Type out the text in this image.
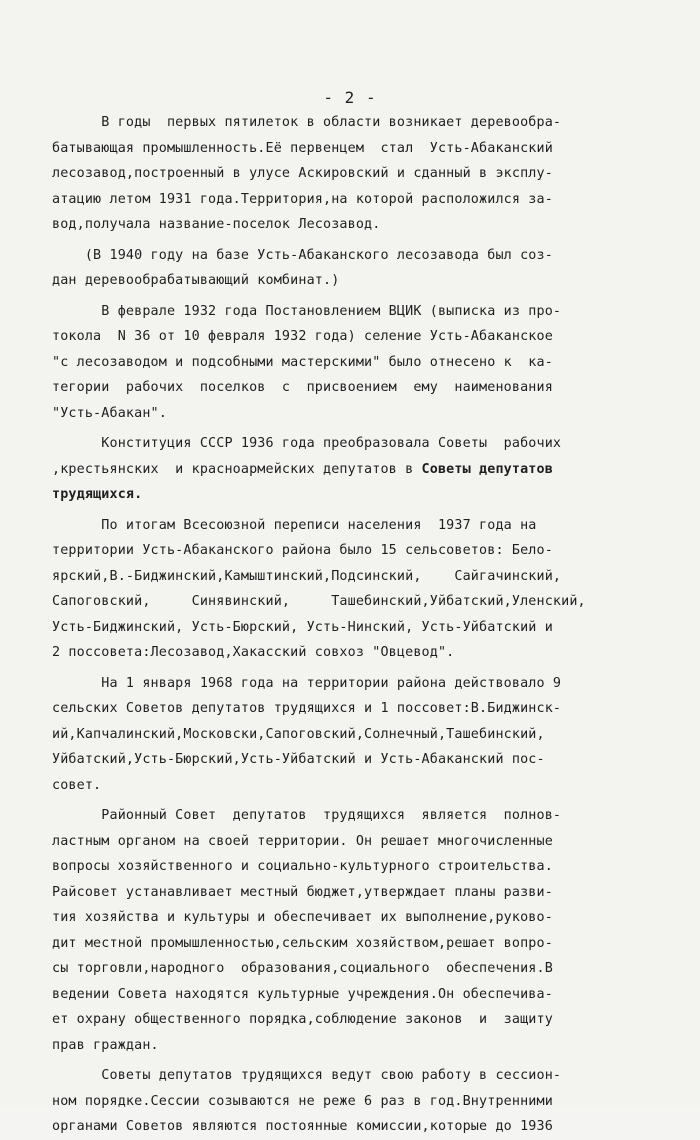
- 2 -
В годы  первых пятилеток в области возникает деревообра-
батывающая промышленность.Её первенцем  стал  Усть-Абаканский
лесозавод,построенный в улусе Аскировский и сданный в эксплу-
атацию летом 1931 года.Территория,на которой расположился за-
вод,получала название-поселок Лесозавод.
(В 1940 году на базе Усть-Абаканского лесозавода был соз-
дан деревообрабатывающий комбинат.)
В феврале 1932 года Постановлением ВЦИК (выписка из про-
токола  N 36 от 10 февраля 1932 года) селение Усть-Абаканское
"с лесозаводом и подсобными мастерскими" было отнесено к  ка-
тегории  рабочих  поселков  с  присвоением  ему  наименования
"Усть-Абакан".
Конституция СССР 1936 года преобразовала Советы  рабочих
,крестьянских  и красноармейских депутатов в Советы депутатов
трудящихся.
По итогам Всесоюзной переписи населения  1937 года на
территории Усть-Абаканского района было 15 сельсоветов: Бело-
ярский,В.-Биджинский,Камыштинский,Подсинский,    Сайгачинский,
Сапоговский,     Синявинский,     Ташебинский,Уйбатский,Уленский,
Усть-Биджинский, Усть-Бюрский, Усть-Нинский, Усть-Уйбатский и
2 поссовета:Лесозавод,Хакасский совхоз "Овцевод".
На 1 января 1968 года на территории района действовало 9
сельских Советов депутатов трудящихся и 1 поссовет:В.Биджинск-
ий,Капчалинский,Московски,Сапоговский,Солнечный,Ташебинский,
Уйбатский,Усть-Бюрский,Усть-Уйбатский и Усть-Абаканский пос-
совет.
Районный Совет  депутатов  трудящихся  является  полнов-
ластным органом на своей территории. Он решает многочисленные
вопросы хозяйственного и социально-культурного строительства.
Райсовет устанавливает местный бюджет,утверждает планы разви-
тия хозяйства и культуры и обеспечивает их выполнение,руково-
дит местной промышленностью,сельским хозяйством,решает вопро-
сы торговли,народного  образования,социального  обеспечения.В
ведении Совета находятся культурные учреждения.Он обеспечива-
ет охрану общественного порядка,соблюдение законов  и  защиту
прав граждан.
Советы депутатов трудящихся ведут свою работу в сессион-
ном порядке.Сессии созываются не реже 6 раз в год.Внутренними
органами Советов являются постоянные комиссии,которые до 1936
